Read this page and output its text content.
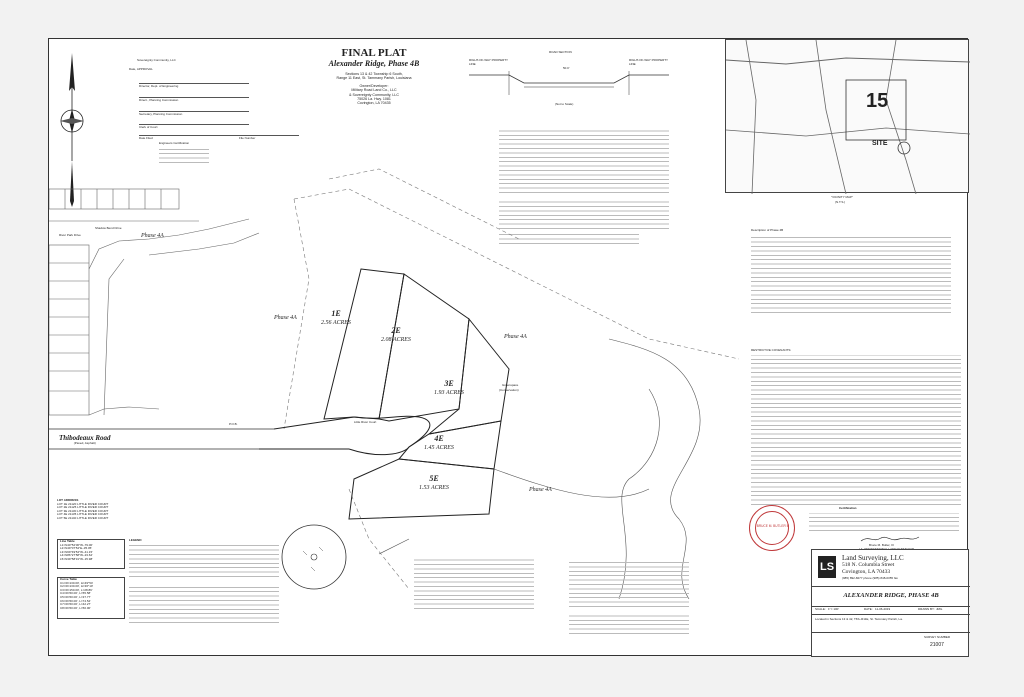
Sovereignty Community, LLC
Date, APPROVAL
Director, Dept. of Engineering
Direct., Planning Commission
Secretary, Planning Commission
Clerk of Court
Date Filed	File Number
Engineers Certification
FINAL PLAT
Alexander Ridge, Phase 4B
Sections 13 & 42 Township 6 South,
Range 11 East, St. Tammany Parish, Louisiana
Owner/Developer:
Military Road Land Co., LLC
& Sovereignty Community, LLC
75026 La. Hwy. 1081
Covington, LA 70435
ROAD SECTION
RIGHT-OF-WAY PROPERTY LINE
RIGHT-OF-WAY PROPERTY LINE
50.0'
(Not to Scale)	15
SITE
"VICINITY MAP"
(N.T.S.)
Description of Phase 4B
RESTRICTIVE COVENANTS:
1E
2.56 ACRES
2E
2.08 ACRES
3E
1.93 ACRES
4E
1.45 ACRES
5E
1.53 ACRES
Phase 4A
Phase 4A
Phase 4A
Phase 4A
River Park Drive
Shadow Bend Drive
Little River Court
Greenspace
(Conservation)
P.O.B.
Thibodeaux Road
(Paved, Asphalt)
LOT ADDRESS
LOT 1E 21120 LITTLE RIVER COURT
LOT 2E 21125 LITTLE RIVER COURT
LOT 3E 21130 LITTLE RIVER COURT
LOT 4E 21135 LITTLE RIVER COURT
LOT 5E 21140 LITTLE RIVER COURT
Line Table
L1=N40°52'06"W–79.00'
L2=N49°07'54"E–35.05'
L3=N69°49'54"W–41.15'
L4=N86°27'58"W–23.62'
L5=N39°58'31"W–15.98'
Curve Table
C1=R=130.00', Δ=49°54'
C2=R=130.00', Δ=36°10'
C3=R=150.00', L=28.89'
C4=R=50.00', L=55.58'
C5=R=50.00', L=37.77'
C6=R=50.00', L=74.54'
C7=R=50.00', L=42.27'
C8=R=50.00', L=50.00'
LEGEND
Certification
BRUCE M. BUTLER III
Bruce M. Butler, III
LS
Land Surveying, LLC
518 N. Columbia Street
Covington, LA 70433
(985) 892-8277 phone (985) 848-0355 fax
ALEXANDER RIDGE, PHASE 4B
SCALE: 1"= 100'	DATE: 11-06-2019	DRAWN BY: JMG
Located in Sections 13 & 42, T6S–R11E, St. Tammany Parish, La.
SURVEY NUMBER
21007
